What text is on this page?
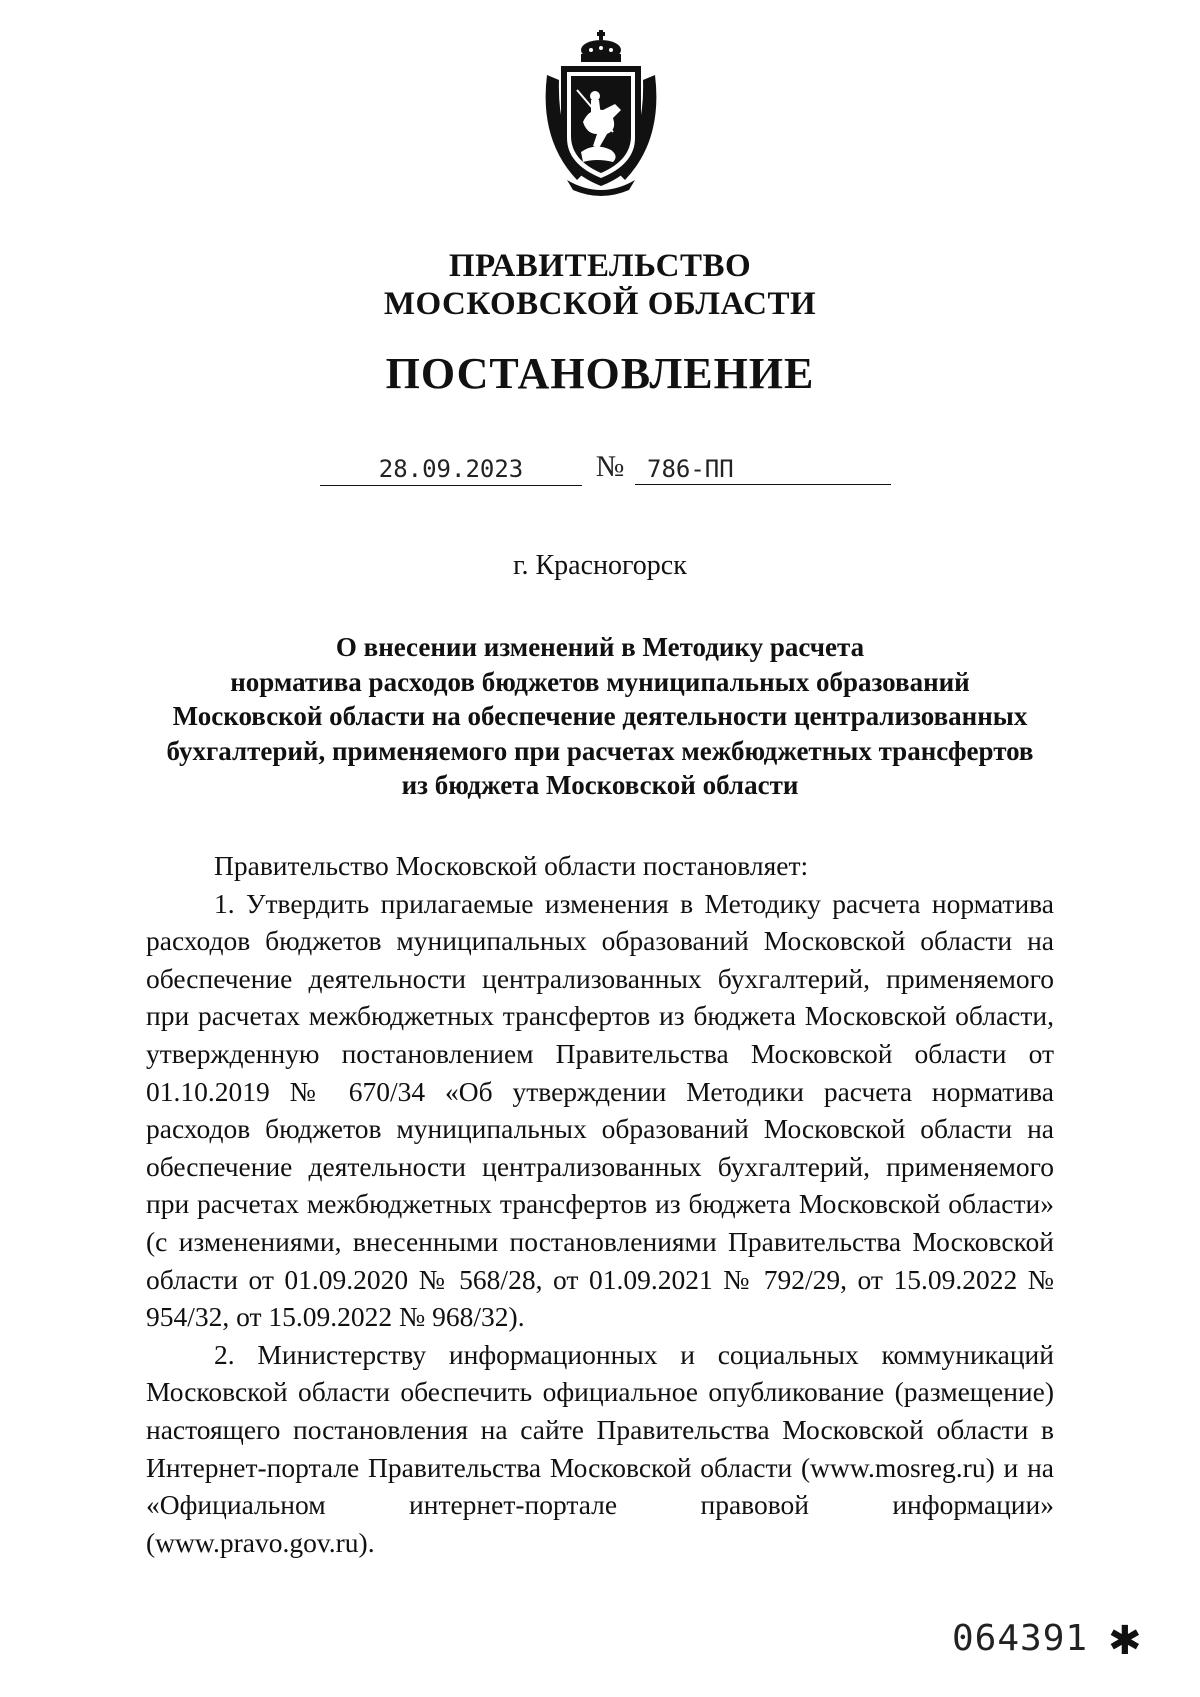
ПРАВИТЕЛЬСТВО
МОСКОВСКОЙ ОБЛАСТИ
ПОСТАНОВЛЕНИЕ
28.09.2023	№ 786-ПП
г. Красногорск
О внесении изменений в Методику расчета
норматива расходов бюджетов муниципальных образований
Московской области на обеспечение деятельности централизованных
бухгалтерий, применяемого при расчетах межбюджетных трансфертов
из бюджета Московской области

Правительство Московской области постановляет:

1. Утвердить прилагаемые изменения в Методику расчета норматива расходов бюджетов муниципальных образований Московской области на обеспечение деятельности централизованных бухгалтерий, применяемого при расчетах межбюджетных трансфертов из бюджета Московской области, утвержденную постановлением Правительства Московской области от 01.10.2019 № 670/34 «Об утверждении Методики расчета норматива расходов бюджетов муниципальных образований Московской области на обеспечение деятельности централизованных бухгалтерий, применяемого при расчетах межбюджетных трансфертов из бюджета Московской области» (с изменениями, внесенными постановлениями Правительства Московской области от 01.09.2020 № 568/28, от 01.09.2021 № 792/29, от 15.09.2022 № 954/32, от 15.09.2022 № 968/32).

2. Министерству информационных и социальных коммуникаций Московской области обеспечить официальное опубликование (размещение) настоящего постановления на сайте Правительства Московской области в Интернет-портале Правительства Московской области (www.mosreg.ru) и на «Официальном интернет-портале правовой информации» (www.pravo.gov.ru).

064391 ✱
